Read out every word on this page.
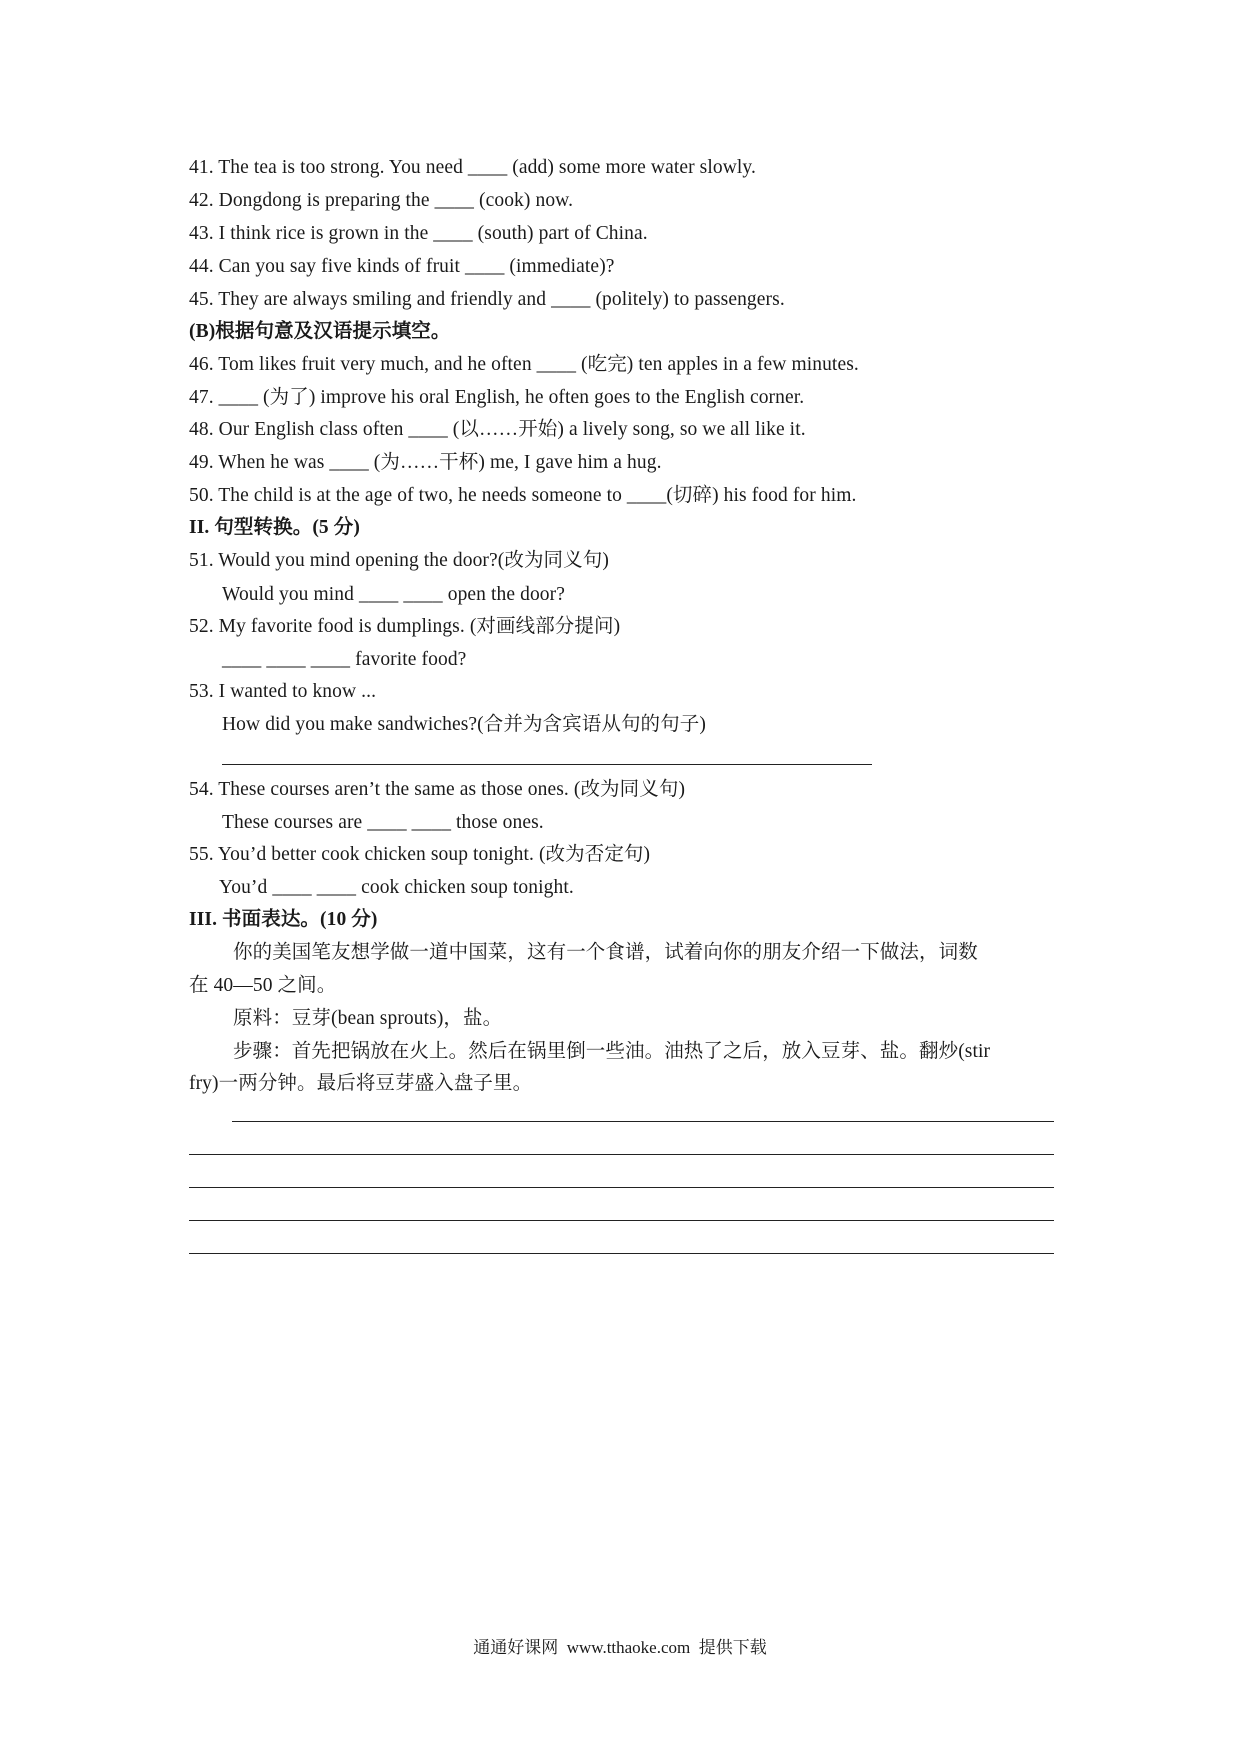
41. The tea is too strong. You need ____ (add) some more water slowly.
42. Dongdong is preparing the ____ (cook) now.
43. I think rice is grown in the ____ (south) part of China.
44. Can you say five kinds of fruit ____ (immediate)?
45. They are always smiling and friendly and ____ (politely) to passengers.
(B)根据句意及汉语提示填空。
46. Tom likes fruit very much, and he often ____ (吃完) ten apples in a few minutes.
47. ____ (为了) improve his oral English, he often goes to the English corner.
48. Our English class often ____ (以……开始) a lively song, so we all like it.
49. When he was ____ (为……干杯) me, I gave him a hug.
50. The child is at the age of two, he needs someone to ____(切碎) his food for him.
II. 句型转换。(5 分)
51. Would you mind opening the door?(改为同义句)
Would you mind ____ ____ open the door?
52. My favorite food is dumplings. (对画线部分提问)
____ ____ ____ favorite food?
53. I wanted to know ...
How did you make sandwiches?(合并为含宾语从句的句子)
54. These courses aren’t the same as those ones. (改为同义句)
These courses are ____ ____ those ones.
55. You’d better cook chicken soup tonight. (改为否定句)
You’d ____ ____ cook chicken soup tonight.
III. 书面表达。(10 分)
你的美国笔友想学做一道中国菜，这有一个食谱，试着向你的朋友介绍一下做法，词数
在 40—50 之间。
原料：豆芽(bean sprouts)，盐。
步骤：首先把锅放在火上。然后在锅里倒一些油。油热了之后，放入豆芽、盐。翻炒(stir
fry)一两分钟。最后将豆芽盛入盘子里。
通通好课网  www.tthaoke.com  提供下载
